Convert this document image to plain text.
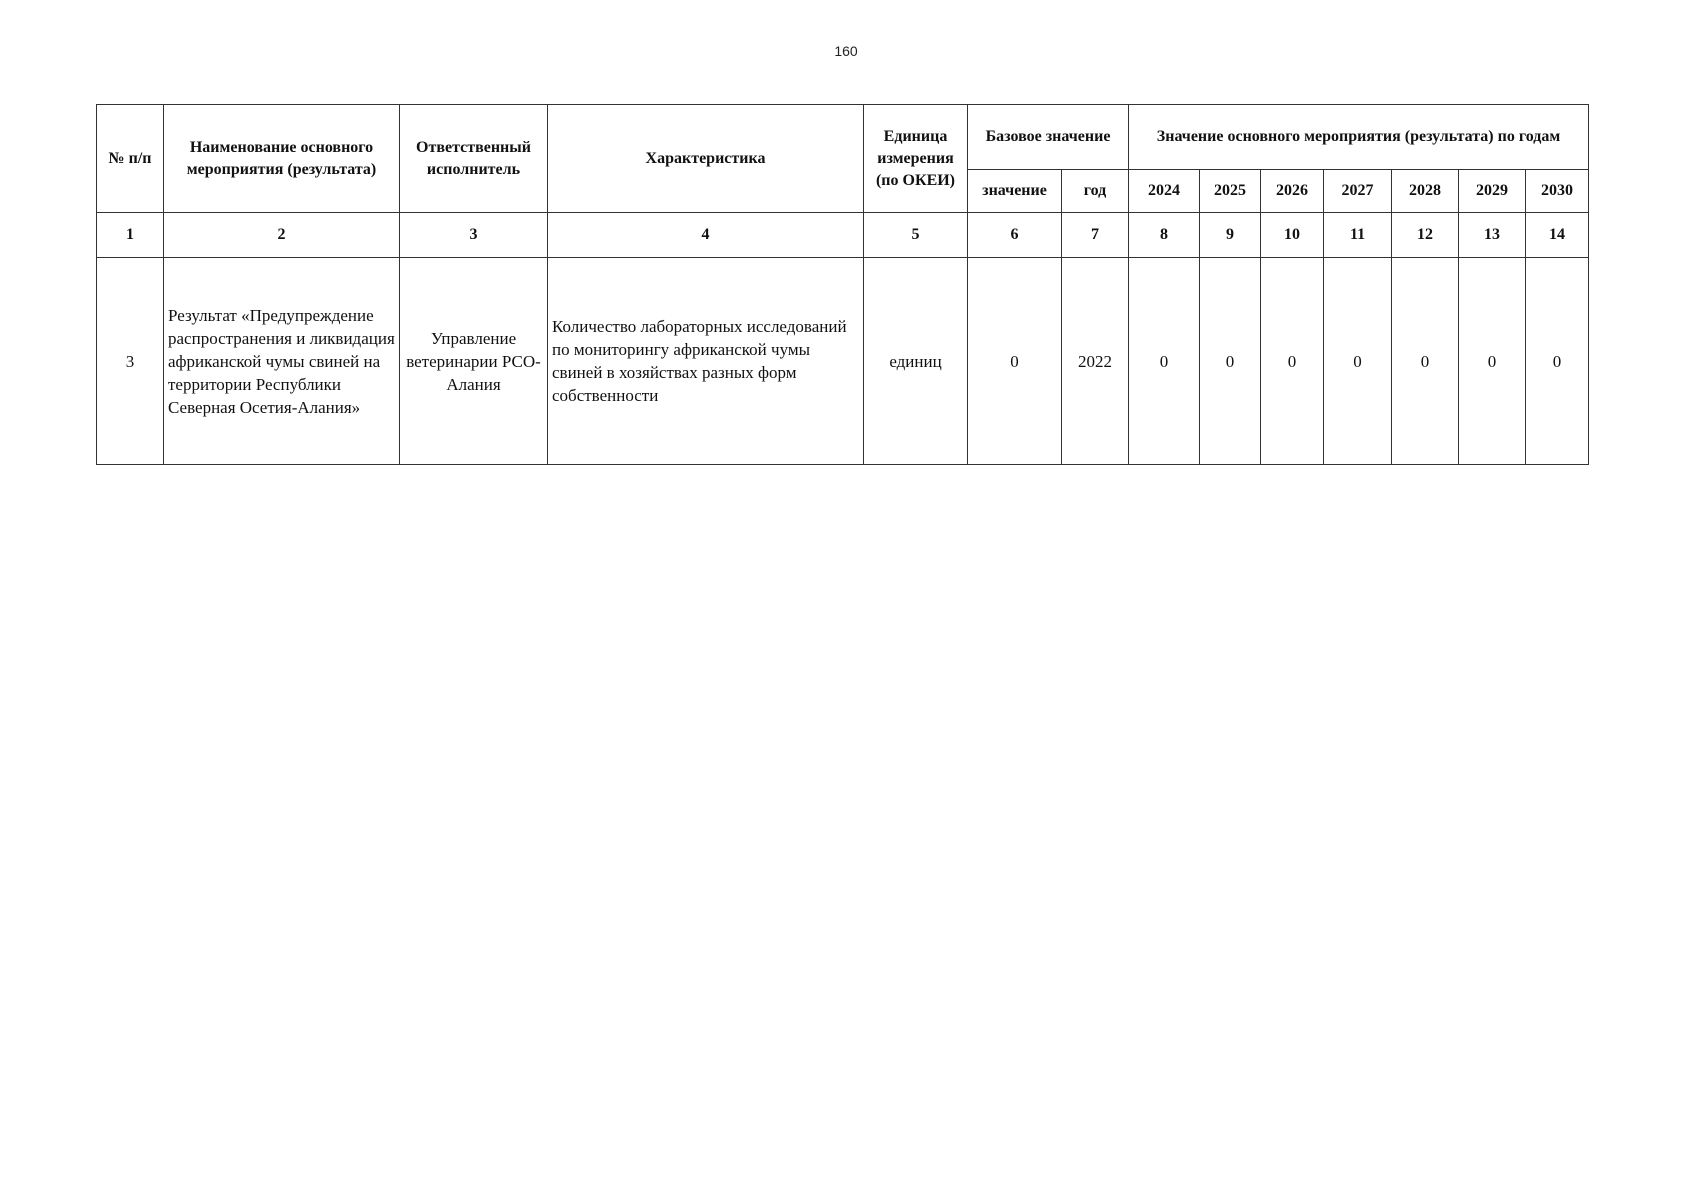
160
№ п/п	Наименование основного мероприятия (результата)	Ответственный исполнитель	Характеристика	Единица измерения (по ОКЕИ)	Базовое значение		Значение основного мероприятия (результата) по годам						
					значение	год	2024	2025	2026	2027	2028	2029	2030
1	2	3	4	5	6	7	8	9	10	11	12	13	14
3	Результат «Предупреждение распространения и ликвидация африканской чумы свиней на территории Республики Северная Осетия-Алания»	Управление ветеринарии РСО-Алания	Количество лабораторных исследований по мониторингу африканской чумы свиней в хозяйствах разных форм собственности	единиц	0	2022	0	0	0	0	0	0	0
